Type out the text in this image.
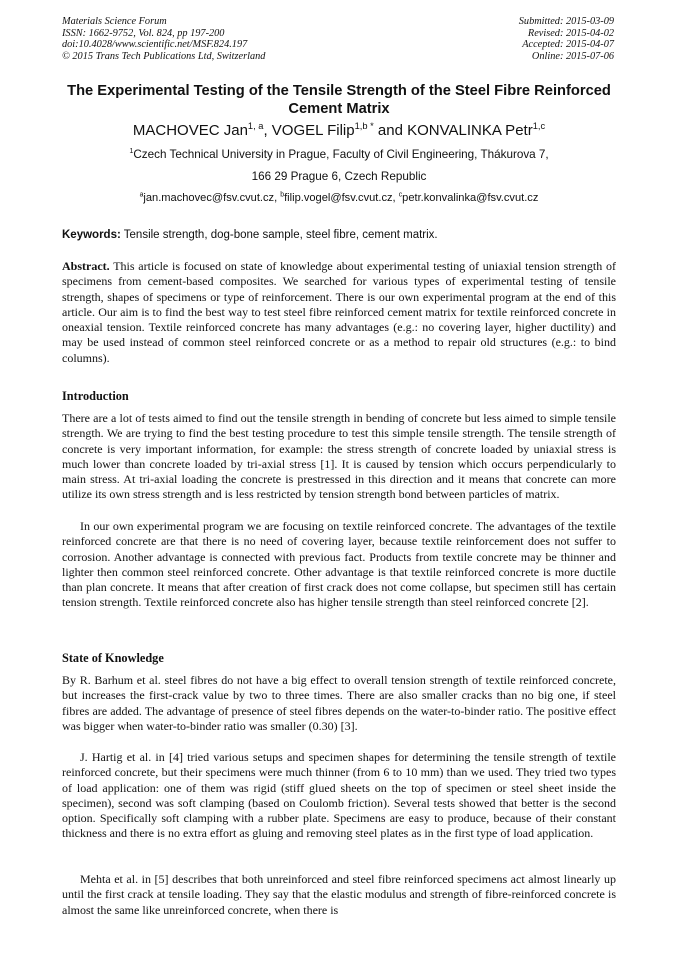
Materials Science Forum
ISSN: 1662-9752, Vol. 824, pp 197-200
doi:10.4028/www.scientific.net/MSF.824.197
© 2015 Trans Tech Publications Ltd, Switzerland
Submitted: 2015-03-09
Revised: 2015-04-02
Accepted: 2015-04-07
Online: 2015-07-06
The Experimental Testing of the Tensile Strength of the Steel Fibre Reinforced Cement Matrix
MACHOVEC Jan$^{1, a}$, VOGEL Filip$^{1,b *}$ and KONVALINKA Petr$^{1,c}$
$^1$Czech Technical University in Prague, Faculty of Civil Engineering, Thákurova 7,
166 29 Prague 6, Czech Republic
$^a$jan.machovec@fsv.cvut.cz, $^b$filip.vogel@fsv.cvut.cz, $^c$petr.konvalinka@fsv.cvut.cz
Keywords: Tensile strength, dog-bone sample, steel fibre, cement matrix.

Abstract. This article is focused on state of knowledge about experimental testing of uniaxial tension strength of specimens from cement-based composites. We searched for various types of experimental testing of tensile strength, shapes of specimens or type of reinforcement. There is our own experimental program at the end of this article. Our aim is to find the best way to test steel fibre reinforced cement matrix for textile reinforced concrete in oneaxial tension. Textile reinforced concrete has many advantages (e.g.: no covering layer, higher ductility) and may be used instead of common steel reinforced concrete or as a method to repair old structures (e.g.: to bind columns).

Introduction

There are a lot of tests aimed to find out the tensile strength in bending of concrete but less aimed to simple tensile strength. We are trying to find the best testing procedure to test this simple tensile strength. The tensile strength of concrete is very important information, for example: the stress strength of concrete loaded by uniaxial stress is much lower than concrete loaded by tri-axial stress [1]. It is caused by tension which occurs perpendicularly to main stress. At tri-axial loading the concrete is prestressed in this direction and it means that concrete can more utilize its own stress strength and is less restricted by tension strength bond between particles of matrix.

In our own experimental program we are focusing on textile reinforced concrete. The advantages of the textile reinforced concrete are that there is no need of covering layer, because textile reinforcement does not suffer to corrosion. Another advantage is connected with previous fact. Products from textile concrete may be thinner and lighter then common steel reinforced concrete. Other advantage is that textile reinforced concrete is more ductile than plan concrete. It means that after creation of first crack does not come collapse, but specimen still has certain tension strength. Textile reinforced concrete also has higher tensile strength than steel reinforced concrete [2].

State of Knowledge

By R. Barhum et al. steel fibres do not have a big effect to overall tension strength of textile reinforced concrete, but increases the first-crack value by two to three times. There are also smaller cracks than no big one, if steel fibres are added. The advantage of presence of steel fibres depends on the water-to-binder ratio. The positive effect was bigger when water-to-binder ratio was smaller (0.30) [3].

J. Hartig et al. in [4] tried various setups and specimen shapes for determining the tensile strength of textile reinforced concrete, but their specimens were much thinner (from 6 to 10 mm) than we used. They tried two types of load application: one of them was rigid (stiff glued sheets on the top of specimen or steel sheet inside the specimen), second was soft clamping (based on Coulomb friction). Several tests showed that better is the second option. Specifically soft clamping with a rubber plate. Specimens are easy to produce, because of their constant thickness and there is no extra effort as gluing and removing steel plates as in the first type of load application.

Mehta et al. in [5] describes that both unreinforced and steel fibre reinforced specimens act almost linearly up until the first crack at tensile loading. They say that the elastic modulus and strength of fibre-reinforced concrete is almost the same like unreinforced concrete, when there is
